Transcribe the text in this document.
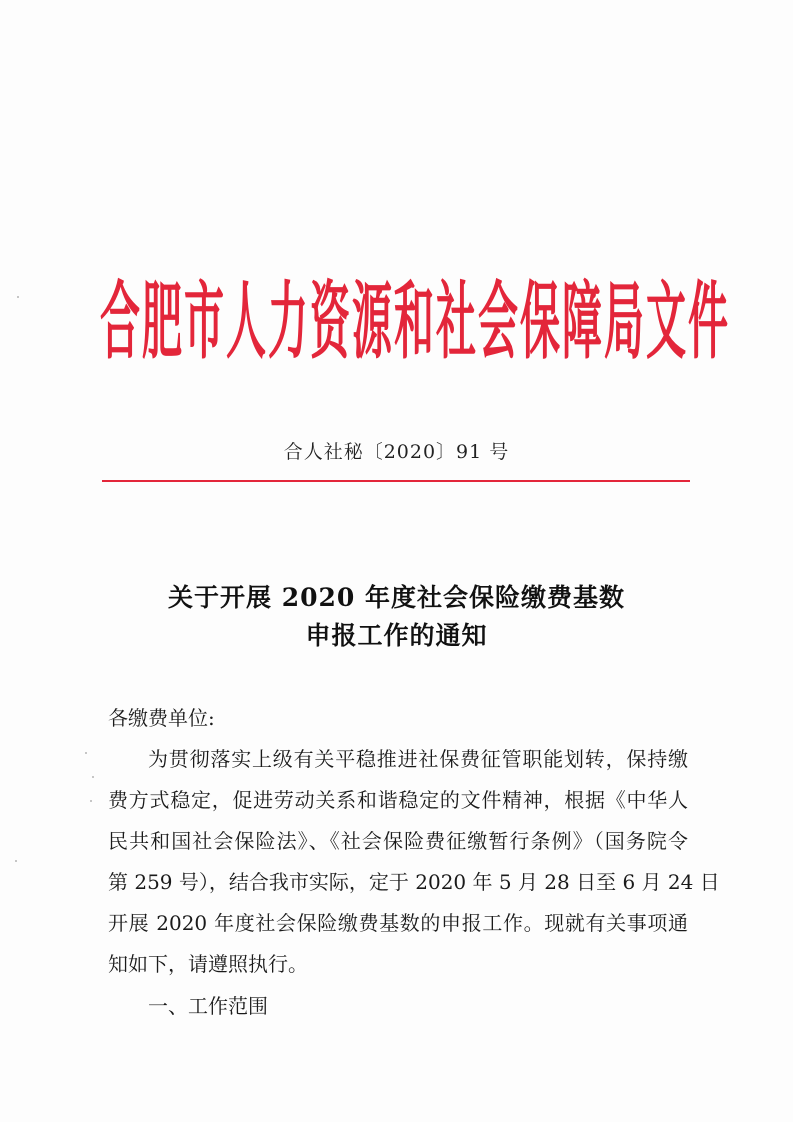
合肥市人力资源和社会保障局文件
合人社秘〔2020〕91 号
关于开展 2020 年度社会保险缴费基数
申报工作的通知
各缴费单位:
为贯彻落实上级有关平稳推进社保费征管职能划转，保持缴
费方式稳定，促进劳动关系和谐稳定的文件精神，根据《中华人
民共和国社会保险法》、《社会保险费征缴暂行条例》（国务院令
第 259 号），结合我市实际，定于 2020 年 5 月 28 日至 6 月 24 日
开展 2020 年度社会保险缴费基数的申报工作。现就有关事项通
知如下，请遵照执行。
一、工作范围
